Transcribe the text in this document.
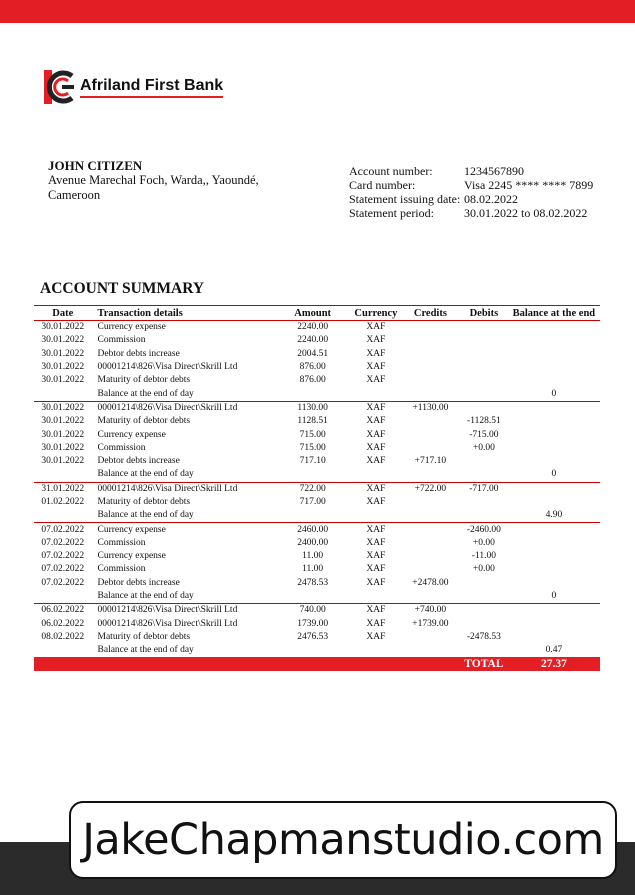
Afriland First Bank
JOHN CITIZEN
Avenue Marechal Foch, Warda,, Yaoundé,
Cameroon
Account number:	1234567890
Card number:	Visa 2245 **** **** 7899
Statement issuing date: 08.02.2022
Statement period:	30.01.2022 to 08.02.2022
ACCOUNT SUMMARY
Date	Transaction details	Amount	Currency	Credits	Debits	Balance at the end
30.01.2022	Currency expense	2240.00	XAF			
30.01.2022	Commission	2240.00	XAF			
30.01.2022	Debtor debts increase	2004.51	XAF			
30.01.2022	00001214\826\Visa Direct\Skrill Ltd	876.00	XAF			
30.01.2022	Maturity of debtor debts	876.00	XAF			
	Balance at the end of day					0
30.01.2022	00001214\826\Visa Direct\Skrill Ltd	1130.00	XAF	+1130.00		
30.01.2022	Maturity of debtor debts	1128.51	XAF		-1128.51	
30.01.2022	Currency expense	715.00	XAF		-715.00	
30.01.2022	Commission	715.00	XAF		+0.00	
30.01.2022	Debtor debts increase	717.10	XAF	+717.10		
	Balance at the end of day					0
31.01.2022	00001214\826\Visa Direct\Skrill Ltd	722.00	XAF	+722.00	-717.00	
01.02.2022	Maturity of debtor debts	717.00	XAF			
	Balance at the end of day					4.90
07.02.2022	Currency expense	2460.00	XAF		-2460.00	
07.02.2022	Commission	2400.00	XAF		+0.00	
07.02.2022	Currency expense	11.00	XAF		-11.00	
07.02.2022	Commission	11.00	XAF		+0.00	
07.02.2022	Debtor debts increase	2478.53	XAF	+2478.00		
	Balance at the end of day					0
06.02.2022	00001214\826\Visa Direct\Skrill Ltd	740.00	XAF	+740.00		
06.02.2022	00001214\826\Visa Direct\Skrill Ltd	1739.00	XAF	+1739.00		
08.02.2022	Maturity of debtor debts	2476.53	XAF		-2478.53	
	Balance at the end of day					0.47
					TOTAL	27.37
JakeChapmanstudio.com
